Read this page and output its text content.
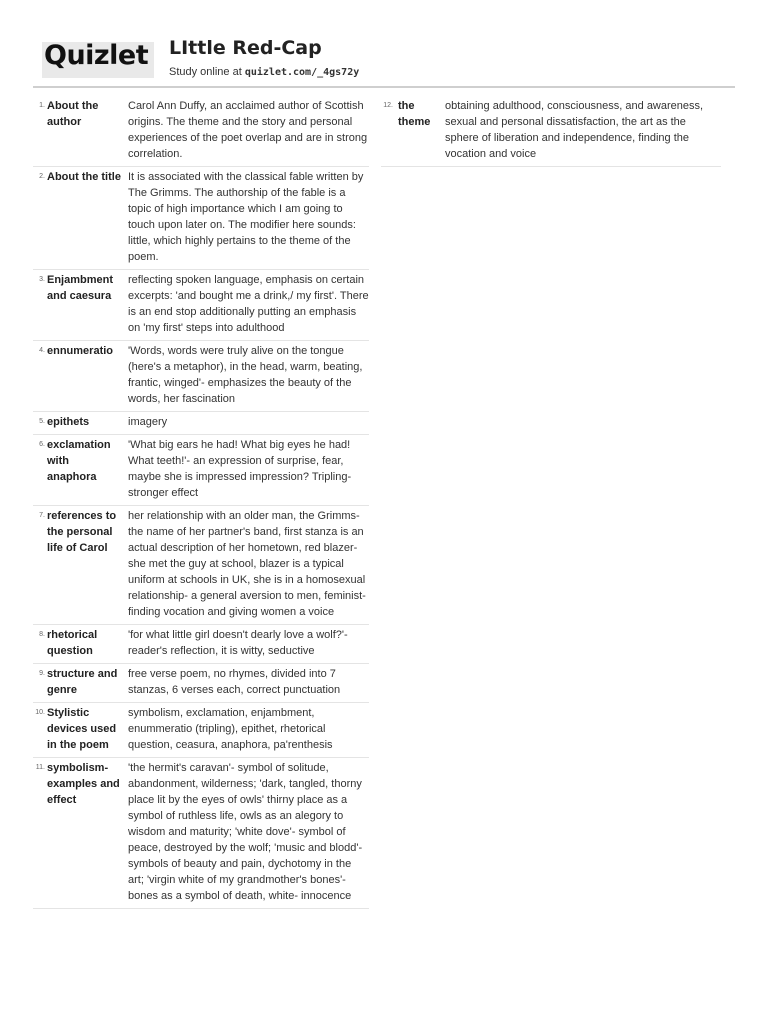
Quizlet LIttle Red-Cap
Study online at quizlet.com/_4gs72y
1. About the author
Carol Ann Duffy, an acclaimed author of Scottish origins. The theme and the story and personal experiences of the poet overlap and are in strong correlation.
2. About the title It is associated with the classical fable written by The Grimms. The authorship of the fable is a topic of high importance which I am going to touch upon later on. The modifier here sounds: little, which highly pertains to the theme of the poem.
3. Enjambment and caesura
reflecting spoken language, emphasis on certain excerpts: 'and bought me a drink,/ my first'. There is an end stop additionally putting an emphasis on 'my first' steps into adulthood
4. ennumeratio	'Words, words were truly alive on the tongue (here's a metaphor), in the head, warm, beating, frantic, winged'- emphasizes the beauty of the words, her fascination
5. epithets	imagery
6. exclamation with anaphora
'What big ears he had! What big eyes he had! What teeth!'- an expression of surprise, fear, maybe she is impressed impression? Tripling- stronger effect
7. references to the personal life of Carol
her relationship with an older man, the Grimms- the name of her partner's band, first stanza is an actual description of her hometown, red blazer- she met the guy at school, blazer is a typical uniform at schools in UK, she is in a homosexual relationship- a general aversion to men, feminist- finding vocation and giving women a voice
8. rhetorical question
'for what little girl doesn't dearly love a wolf?'- reader's reflection, it is witty, seductive
9. structure and genre
free verse poem, no rhymes, divided into 7 stanzas, 6 verses each, correct punctuation
10. Stylistic devices used in the poem
symbolism, exclamation, enjambment, enummeratio (tripling), epithet, rhetorical question, ceasura, anaphora, pa'renthesis
11. symbolism- examples and effect
'the hermit's caravan'- symbol of solitude, abandonment, wilderness; 'dark, tangled, thorny place lit by the eyes of owls' thirny place as a symbol of ruthless life, owls as an alegory to wisdom and maturity; 'white dove'- symbol of peace, destroyed by the wolf; 'music and blodd'- symbols of beauty and pain, dychotomy in the art; 'virgin white of my grandmother's bones'- bones as a symbol of death, white- innocence
12. the theme
obtaining adulthood, consciousness, and awareness, sexual and personal dissatisfaction, the art as the sphere of liberation and independence, finding the vocation and voice
